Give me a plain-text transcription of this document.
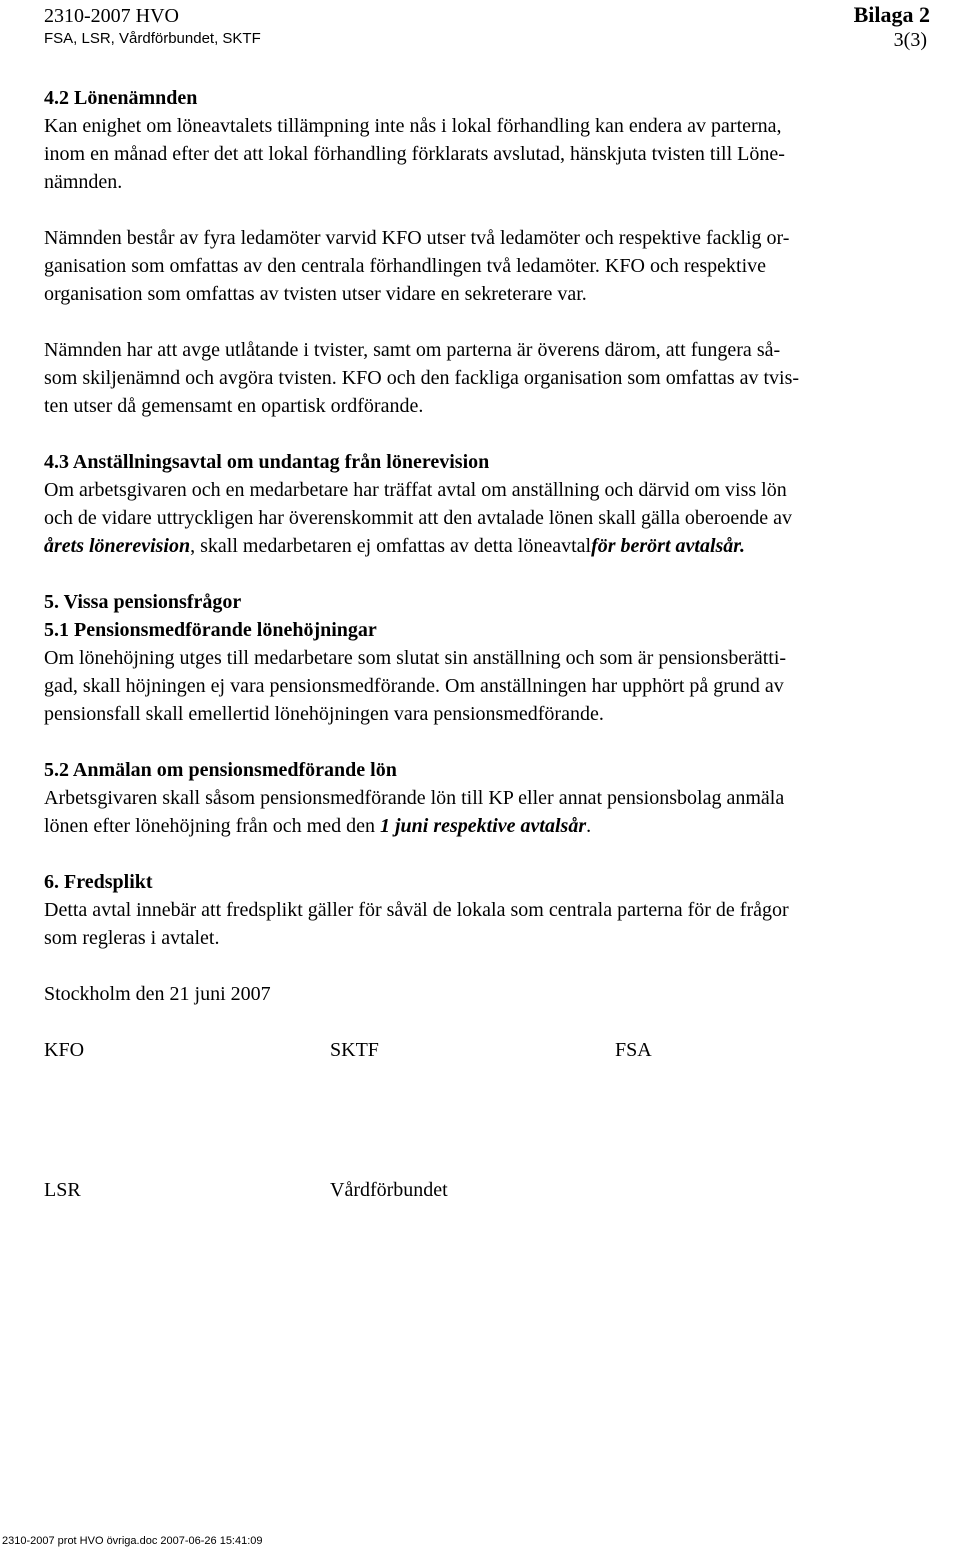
2310-2007 HVO
FSA, LSR, Vårdförbundet, SKTF
Bilaga 2
3(3)

4.2 Lönenämnden

Kan enighet om löneavtalets tillämpning inte nås i lokal förhandling kan endera av parterna,

inom en månad efter det att lokal förhandling förklarats avslutad, hänskjuta tvisten till Löne-

nämnden.

Nämnden består av fyra ledamöter varvid KFO utser två ledamöter och respektive facklig or-

ganisation som omfattas av den centrala förhandlingen två ledamöter. KFO och respektive

organisation som omfattas av tvisten utser vidare en sekreterare var.

Nämnden har att avge utlåtande i tvister, samt om parterna är överens därom, att fungera så-

som skiljenämnd och avgöra tvisten. KFO och den fackliga organisation som omfattas av tvis-

ten utser då gemensamt en opartisk ordförande.

4.3 Anställningsavtal om undantag från lönerevision

Om arbetsgivaren och en medarbetare har träffat avtal om anställning och därvid om viss lön

och de vidare uttryckligen har överenskommit att den avtalade lönen skall gälla oberoende av

årets lönerevision, skall medarbetaren ej omfattas av detta löneavtalför berört avtalsår.

5. Vissa pensionsfrågor

5.1 Pensionsmedförande lönehöjningar

Om lönehöjning utges till medarbetare som slutat sin anställning och som är pensionsberätti-

gad, skall höjningen ej vara pensionsmedförande. Om anställningen har upphört på grund av

pensionsfall skall emellertid lönehöjningen vara pensionsmedförande.

5.2 Anmälan om pensionsmedförande lön

Arbetsgivaren skall såsom pensionsmedförande lön till KP eller annat pensionsbolag anmäla

lönen efter lönehöjning från och med den 1 juni respektive avtalsår.

6. Fredsplikt

Detta avtal innebär att fredsplikt gäller för såväl de lokala som centrala parterna för de frågor

som regleras i avtalet.

Stockholm den 21 juni 2007

KFO	SKTF	FSA
LSR	Vårdförbundet
2310-2007 prot HVO övriga.doc 2007-06-26 15:41:09
